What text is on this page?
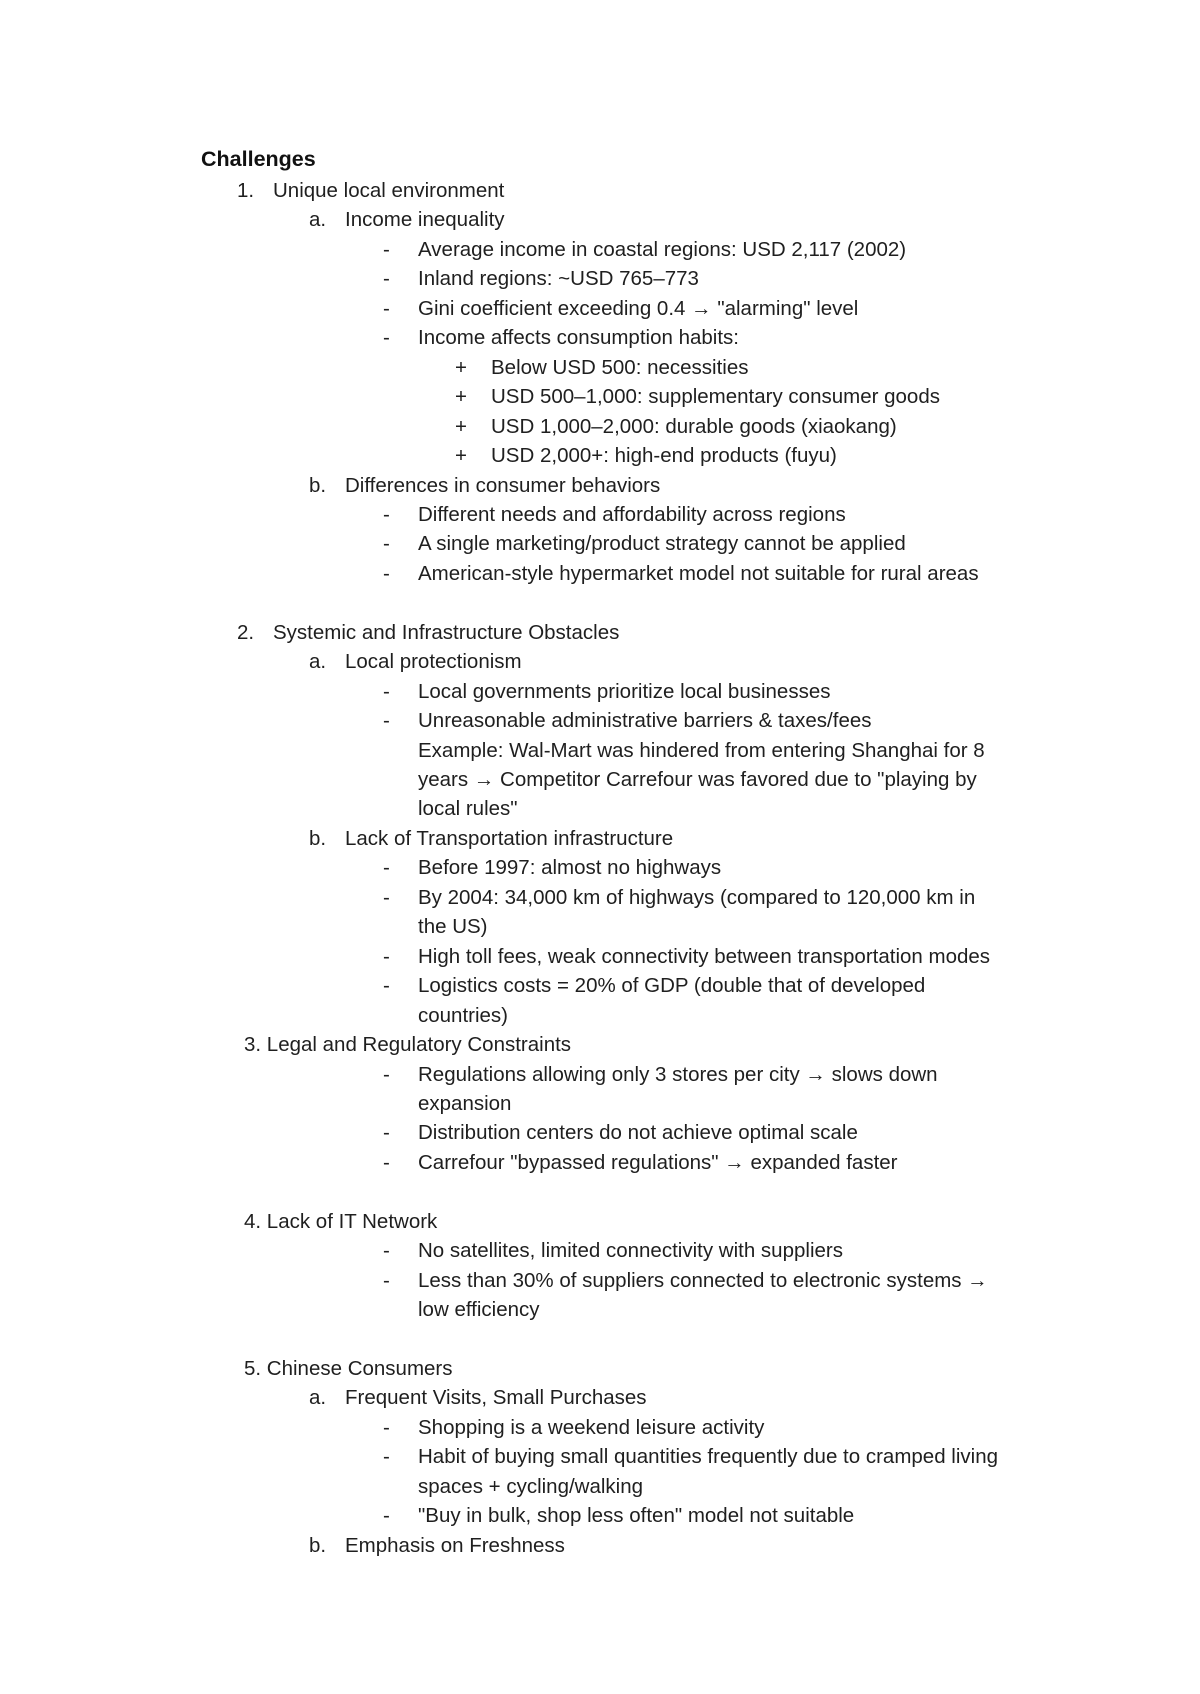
Challenges
1. Unique local environment
a. Income inequality
- Average income in coastal regions: USD 2,117 (2002)
- Inland regions: ~USD 765–773
- Gini coefficient exceeding 0.4 → "alarming" level
- Income affects consumption habits:
+ Below USD 500: necessities
+ USD 500–1,000: supplementary consumer goods
+ USD 1,000–2,000: durable goods (xiaokang)
+ USD 2,000+: high-end products (fuyu)
b. Differences in consumer behaviors
- Different needs and affordability across regions
- A single marketing/product strategy cannot be applied
- American-style hypermarket model not suitable for rural areas
2. Systemic and Infrastructure Obstacles
a. Local protectionism
- Local governments prioritize local businesses
- Unreasonable administrative barriers & taxes/fees
Example: Wal-Mart was hindered from entering Shanghai for 8
years → Competitor Carrefour was favored due to "playing by
local rules"
b. Lack of Transportation infrastructure
- Before 1997: almost no highways
- By 2004: 34,000 km of highways (compared to 120,000 km in
the US)
- High toll fees, weak connectivity between transportation modes
- Logistics costs = 20% of GDP (double that of developed
countries)
3. Legal and Regulatory Constraints
- Regulations allowing only 3 stores per city → slows down
expansion
- Distribution centers do not achieve optimal scale
- Carrefour "bypassed regulations" → expanded faster
4. Lack of IT Network
- No satellites, limited connectivity with suppliers
- Less than 30% of suppliers connected to electronic systems →
low efficiency
5. Chinese Consumers
a. Frequent Visits, Small Purchases
- Shopping is a weekend leisure activity
- Habit of buying small quantities frequently due to cramped living
spaces + cycling/walking
- "Buy in bulk, shop less often" model not suitable
b. Emphasis on Freshness
